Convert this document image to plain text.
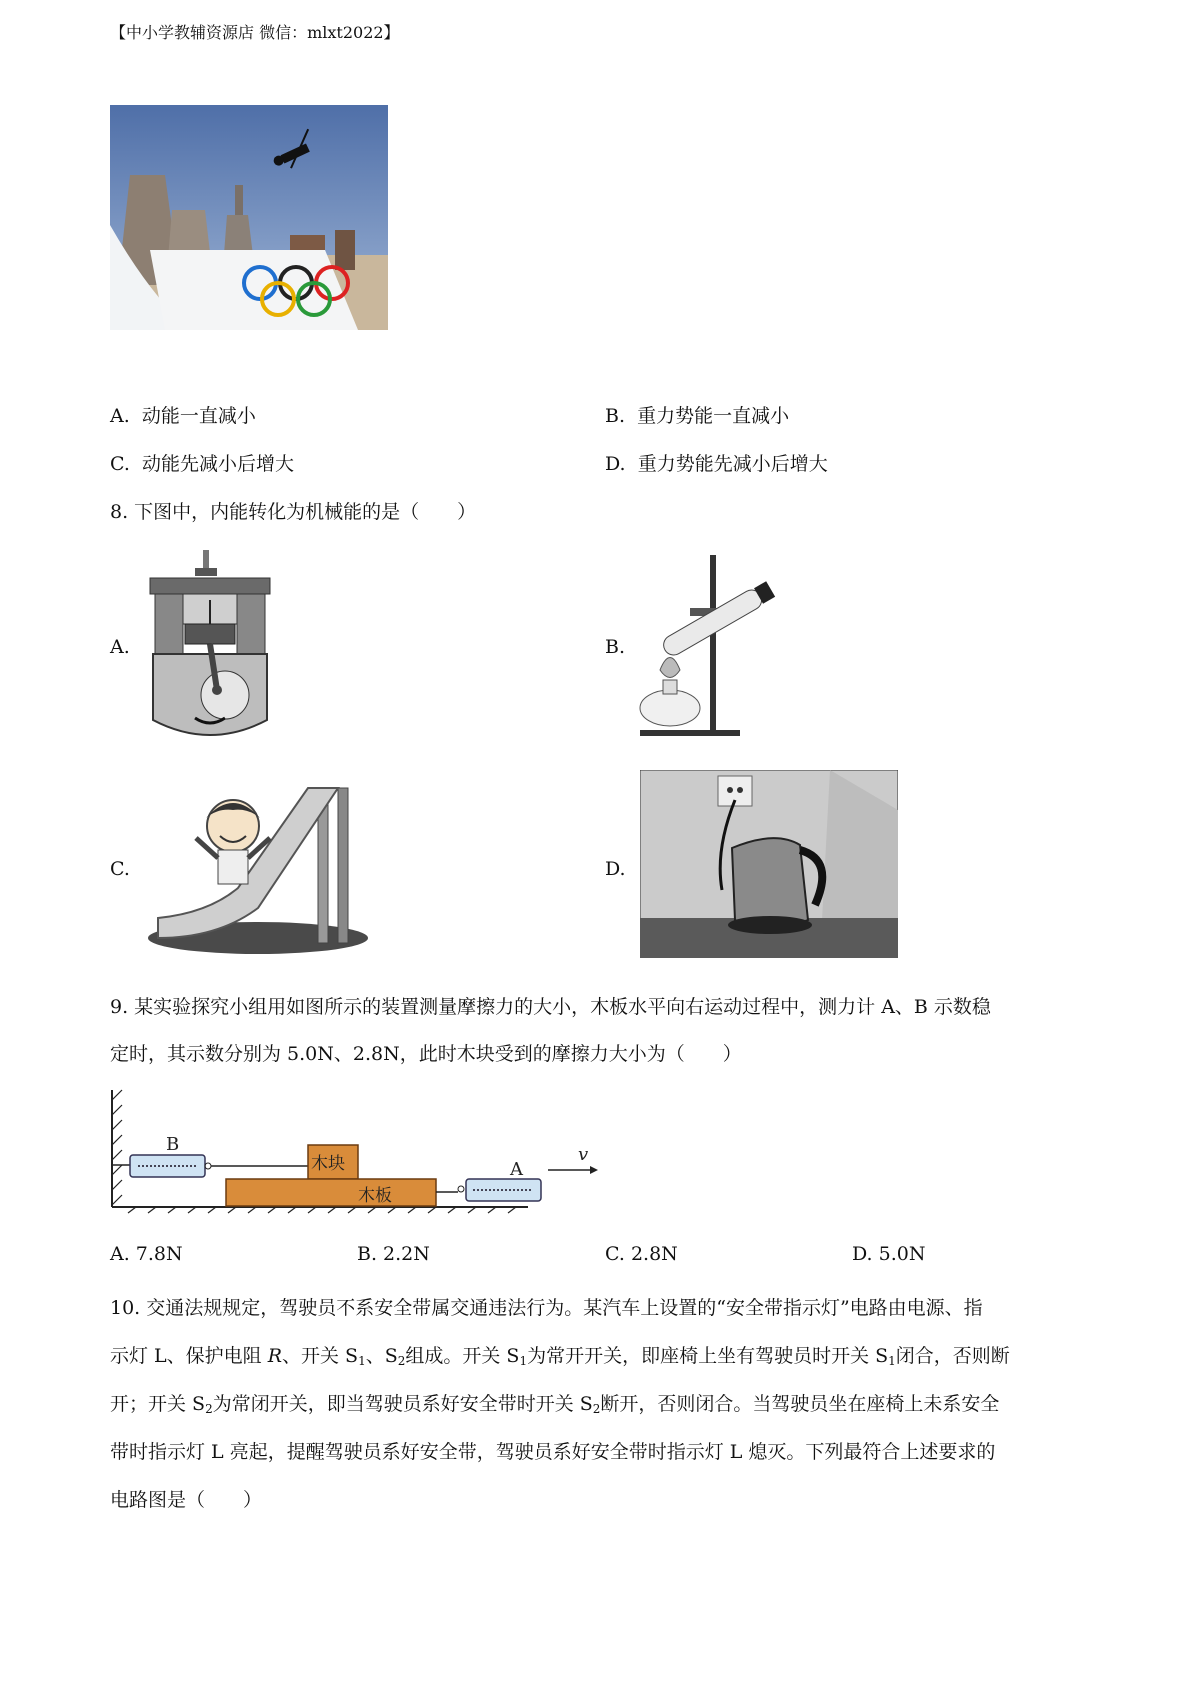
【中小学教辅资源店 微信：mlxt2022】
A. 动能一直减小	B. 重力势能一直减小
C. 动能先减小后增大	D. 重力势能先减小后增大
8. 下图中，内能转化为机械能的是（　　）
A.	B.
C.	D.
9. 某实验探究小组用如图所示的装置测量摩擦力的大小，木板水平向右运动过程中，测力计 A、B 示数稳
定时，其示数分别为 5.0N、2.8N，此时木块受到的摩擦力大小为（　　）
B
木块
木板
A
v
A. 7.8N	B. 2.2N	C. 2.8N	D. 5.0N
10. 交通法规规定，驾驶员不系安全带属交通违法行为。某汽车上设置的“安全带指示灯”电路由电源、指
示灯 L、保护电阻 R、开关 $S_1$、$S_2$组成。开关 $S_1$为常开开关，即座椅上坐有驾驶员时开关 $S_1$闭合，否则断
开；开关 $S_2$为常闭开关，即当驾驶员系好安全带时开关 $S_2$断开，否则闭合。当驾驶员坐在座椅上未系安全
带时指示灯 L 亮起，提醒驾驶员系好安全带，驾驶员系好安全带时指示灯 L 熄灭。下列最符合上述要求的
电路图是（　　）
